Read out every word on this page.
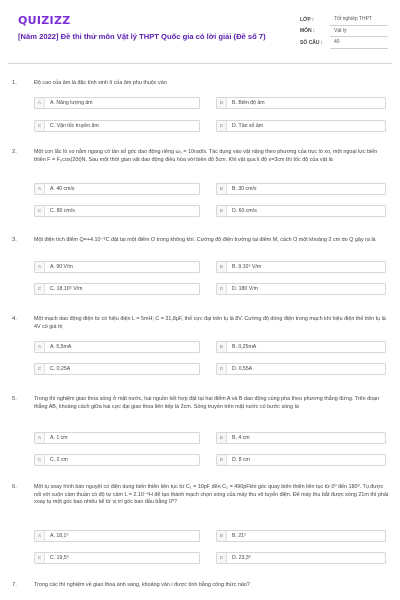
QUIZIZZ
[Năm 2022] Đề thi thử môn Vật lý THPT Quốc gia có lời giải (Đề số 7)
LỚP :	Tốt nghiệp THPT
MÔN :	Vật lý
SỐ CÂU :	40
1.	Độ cao của âm là đặc tính sinh lí của âm phụ thuộc vào
A	A. Năng lượng âm	B	B. Biên độ âm
C	C. Vận tốc truyền âm	D	D. Tần số âm
2.	Một con lắc lò xo nằm ngang có tần số góc dao động riêng ω₀ = 10rad/s. Tác dụng vào vật nặng theo phương của trục lò xo, một ngoại lực biến thiên F = F₀cos(20t)N. Sau một thời gian vật dao động điều hòa với biên độ 5cm. Khi vật qua li độ x=3cm thì tốc độ của vật là
A	A. 40 cm/s	B	B. 30 cm/s
C	C. 80 cm/s	D	D. 60 cm/s
3.	Một điện tích điểm Q=+4.10⁻⁸C đặt tại một điểm O trong không khí. Cường độ điện trường tại điểm M, cách O một khoảng 2 cm do Q gây ra là
A	A. 90 V/m	B	B. 9.10⁵ V/m
C	C. 18.10⁵ V/m	D	D. 180 V/m
4.	Một mạch dao động điện từ có hiệu điện L = 5mH; C = 31,8μF, thế cực đại trên tụ là 8V. Cường độ dòng điện trong mạch khi hiệu điện thế trên tụ là 4V có giá trị
A	A. 5,5mA	B	B. 0,25mA
C	C. 0,25A	D	D. 0,55A
5.	Trong thí nghiệm giao thoa sóng ở mặt nước, hai nguồn kết hợp đặt tại hai điểm A và B dao động cùng pha theo phương thẳng đứng. Trên đoạn thẳng AB, khoảng cách giữa hai cực đại giao thoa liên tiếp là 2cm. Sóng truyền trên mặt nước có bước sóng là
A	A. 1 cm	B	B. 4 cm
C	C. 2 cm	D	D. 8 cm
6.	Một tụ xoay hình bán nguyệt có điện dung biến thiên liên tục từ C₁ = 10pF đến C₂ = 490pFkhi góc quay biến thiên liên tục từ 0⁰ đến 180⁰. Tụ được nối với cuộn cảm thuần có độ tự cảm L = 2.10⁻⁶H để tạo thành mạch chọn sóng của máy thu vô tuyến điện. Để máy thu bắt được sóng 21m thì phải xoay tụ một góc bao nhiêu kể từ vị trí góc ban đầu bằng 0⁰?
A	A. 18,1⁰	B	B. 21⁰
C	C. 19,5⁰	D	D. 23,3⁰
7.	Trong các thí nghiệm về giao thoa ánh sáng, khoảng vân i được tính bằng công thức nào?
